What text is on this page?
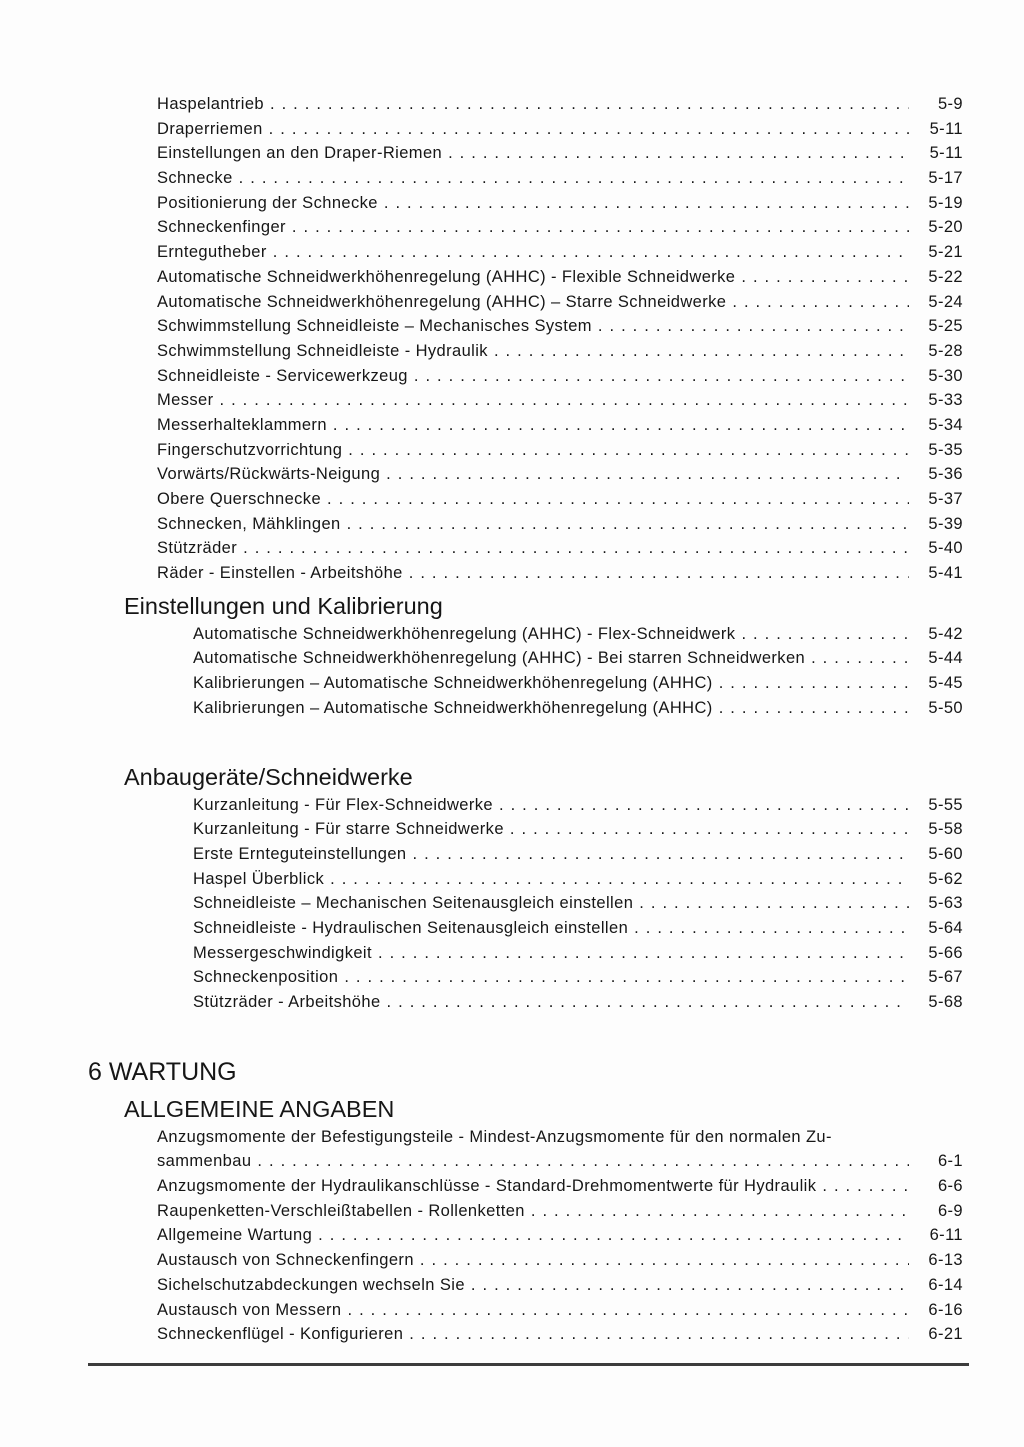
Haspelantrieb .....	5-9
Draperriemen .....	5-11
Einstellungen an den Draper-Riemen .....	5-11
Schnecke .....	5-17
Positionierung der Schnecke .....	5-19
Schneckenfinger .....	5-20
Erntegutheber .....	5-21
Automatische Schneidwerkhöhenregelung (AHHC) - Flexible Schneidwerke .....	5-22
Automatische Schneidwerkhöhenregelung (AHHC) – Starre Schneidwerke .....	5-24
Schwimmstellung Schneidleiste – Mechanisches System .....	5-25
Schwimmstellung Schneidleiste - Hydraulik .....	5-28
Schneidleiste - Servicewerkzeug .....	5-30
Messer .....	5-33
Messerhalteklammern .....	5-34
Fingerschutzvorrichtung .....	5-35
Vorwärts/Rückwärts-Neigung .....	5-36
Obere Querschnecke .....	5-37
Schnecken, Mähklingen .....	5-39
Stützräder .....	5-40
Räder - Einstellen - Arbeitshöhe .....	5-41
Einstellungen und Kalibrierung
Automatische Schneidwerkhöhenregelung (AHHC) - Flex-Schneidwerk .....	5-42
Automatische Schneidwerkhöhenregelung (AHHC) - Bei starren Schneidwerken .....	5-44
Kalibrierungen – Automatische Schneidwerkhöhenregelung (AHHC) .....	5-45
Kalibrierungen – Automatische Schneidwerkhöhenregelung (AHHC) .....	5-50
Anbaugeräte/Schneidwerke
Kurzanleitung - Für Flex-Schneidwerke .....	5-55
Kurzanleitung - Für starre Schneidwerke .....	5-58
Erste Ernteguteinstellungen .....	5-60
Haspel Überblick .....	5-62
Schneidleiste – Mechanischen Seitenausgleich einstellen .....	5-63
Schneidleiste - Hydraulischen Seitenausgleich einstellen .....	5-64
Messergeschwindigkeit .....	5-66
Schneckenposition .....	5-67
Stützräder - Arbeitshöhe .....	5-68
6 WARTUNG
ALLGEMEINE ANGABEN
Anzugsmomente der Befestigungsteile - Mindest-Anzugsmomente für den normalen Zu-
sammenbau .....	6-1
Anzugsmomente der Hydraulikanschlüsse - Standard-Drehmomentwerte für Hydraulik .....	6-6
Raupenketten-Verschleißtabellen - Rollenketten .....	6-9
Allgemeine Wartung .....	6-11
Austausch von Schneckenfingern .....	6-13
Sichelschutzabdeckungen wechseln Sie .....	6-14
Austausch von Messern .....	6-16
Schneckenflügel - Konfigurieren .....	6-21
